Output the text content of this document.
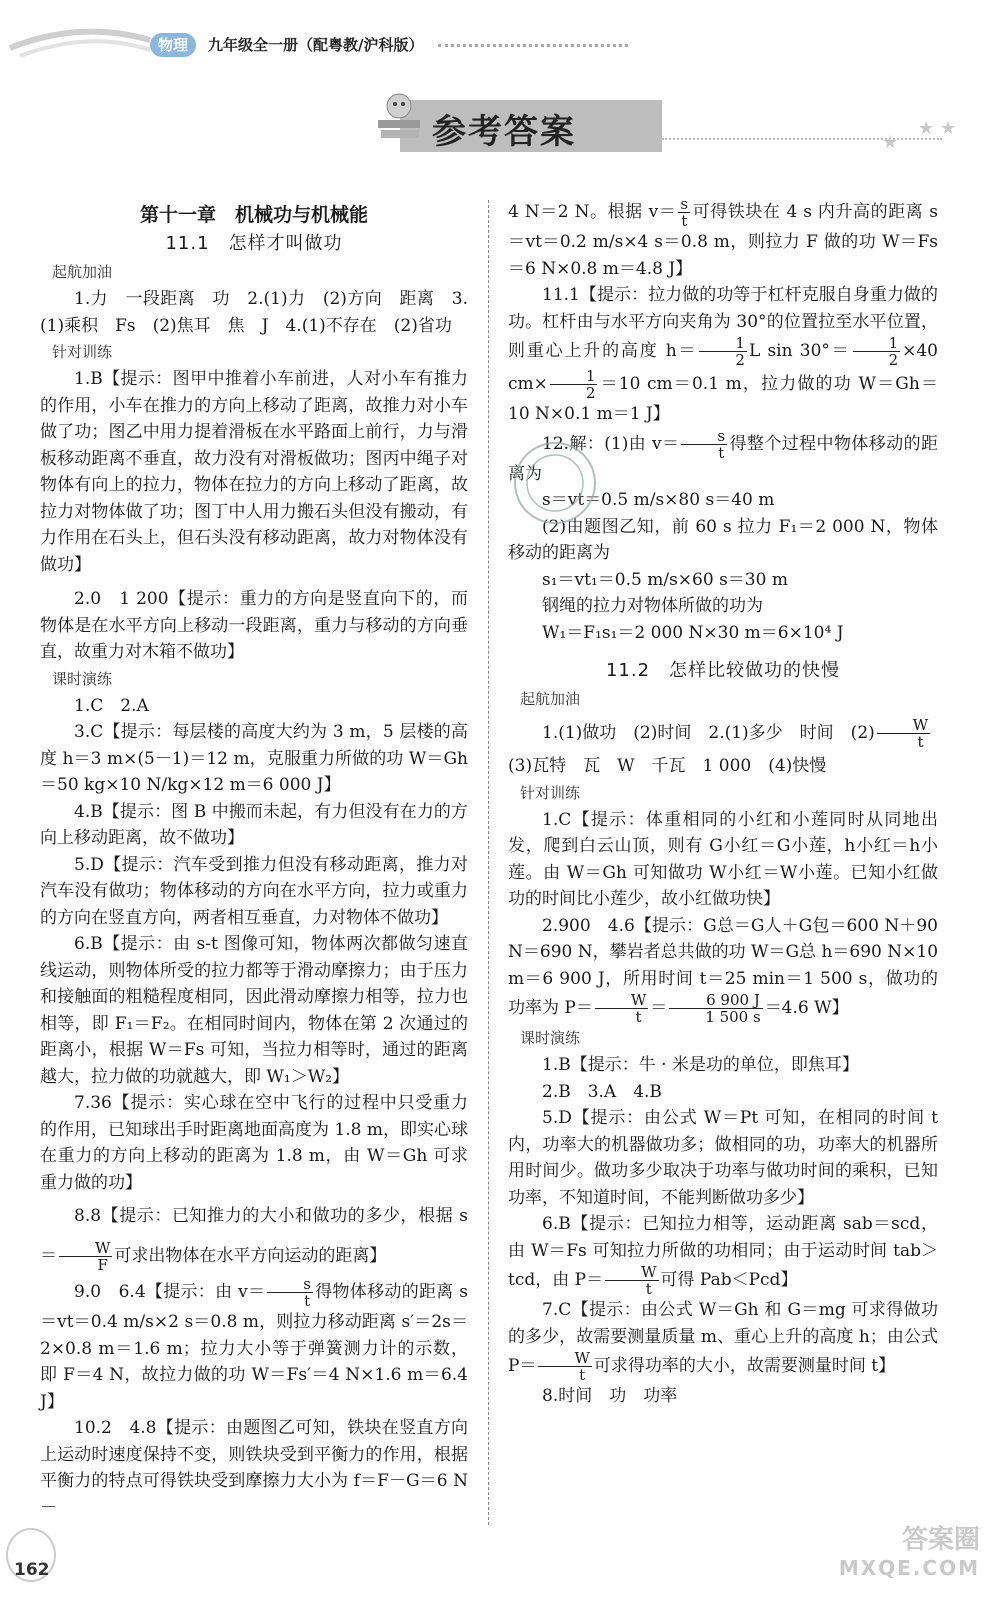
物理	九年级全一册（配粤教/沪科版）
参考答案	★ ★
★

第十一章　机械功与机械能

11.1　怎样才叫做功

起航加油

1.力　一段距离　功　2.(1)力　(2)方向　距离　3.(1)乘积　Fs　(2)焦耳　焦　J　4.(1)不存在　(2)省功

针对训练

1.B【提示：图甲中推着小车前进，人对小车有推力的作用，小车在推力的方向上移动了距离，故推力对小车做了功；图乙中用力提着滑板在水平路面上前行，力与滑板移动距离不垂直，故力没有对滑板做功；图丙中绳子对物体有向上的拉力，物体在拉力的方向上移动了距离，故拉力对物体做了功；图丁中人用力搬石头但没有搬动，有力作用在石头上，但石头没有移动距离，故力对物体没有做功】

2.0　1 200【提示：重力的方向是竖直向下的，而物体是在水平方向上移动一段距离，重力与移动的方向垂直，故重力对木箱不做功】

课时演练

1.C　2.A

3.C【提示：每层楼的高度大约为 3 m，5 层楼的高度 h＝3 m×(5－1)＝12 m，克服重力所做的功 W＝Gh＝50 kg×10 N/kg×12 m＝6 000 J】

4.B【提示：图 B 中搬而未起，有力但没有在力的方向上移动距离，故不做功】

5.D【提示：汽车受到推力但没有移动距离，推力对汽车没有做功；物体移动的方向在水平方向，拉力或重力的方向在竖直方向，两者相互垂直，力对物体不做功】

6.B【提示：由 s-t 图像可知，物体两次都做匀速直线运动，则物体所受的拉力都等于滑动摩擦力；由于压力和接触面的粗糙程度相同，因此滑动摩擦力相等，拉力也相等，即 F₁＝F₂。在相同时间内，物体在第 2 次通过的距离小，根据 W＝Fs 可知，当拉力相等时，通过的距离越大，拉力做的功就越大，即 W₁＞W₂】

7.36【提示：实心球在空中飞行的过程中只受重力的作用，已知球出手时距离地面高度为 1.8 m，即实心球在重力的方向上移动的距离为 1.8 m，由 W＝Gh 可求重力做的功】

8.8【提示：已知推力的大小和做功的多少，根据 $s= \frac{W}{F}$ 可求出物体在水平方向运动的距离】

9.0　6.4【提示：由 $v= \frac{s}{t}$ 得物体移动的距离 s＝vt＝0.4 m/s×2 s＝0.8 m，则拉力移动距离 s′＝2s＝2×0.8 m＝1.6 m；拉力大小等于弹簧测力计的示数，即 F＝4 N，故拉力做的功 W＝Fs′＝4 N×1.6 m＝6.4 J】

10.2　4.8【提示：由题图乙可知，铁块在竖直方向上运动时速度保持不变，则铁块受到平衡力的作用，根据平衡力的特点可得铁块受到摩擦力大小为 f＝F－G＝6 N－

4 N＝2 N。根据 $v= \frac{s}{t}$ 可得铁块在 4 s 内升高的距离 s＝vt＝0.2 m/s×4 s＝0.8 m，则拉力 F 做的功 W＝Fs＝6 N×0.8 m＝4.8 J】

11.1【提示：拉力做的功等于杠杆克服自身重力做的功。杠杆由与水平方向夹角为 30°的位置拉至水平位置，则重心上升的高度 $h= \frac{1}{2}$ L $\sin 30^\circ= \frac{1}{2} \times 40$ $cm\times \frac{1}{2} =10$ cm＝0.1 m，拉力做的功 W＝Gh＝10 N×0.1 m＝1 J】

12.解：(1)由 $v= \frac{s}{t}$ 得整个过程中物体移动的距离为

s＝vt＝0.5 m/s×80 s＝40 m

(2)由题图乙知，前 60 s 拉力 F₁＝2 000 N，物体移动的距离为

s₁＝vt₁＝0.5 m/s×60 s＝30 m

钢绳的拉力对物体所做的功为

W₁＝F₁s₁＝2 000 N×30 m＝6×10⁴ J

11.2　怎样比较做功的快慢

起航加油

1.(1)做功　(2)时间　2.(1)多少　时间　$(2) \frac{W}{t}$

(3)瓦特　瓦　W　千瓦　1 000　(4)快慢

针对训练

1.C【提示：体重相同的小红和小莲同时从同地出发，爬到白云山顶，则有 G小红＝G小莲，h小红＝h小莲。由 W＝Gh 可知做功 W小红＝W小莲。已知小红做功的时间比小莲少，故小红做功快】

2.900　4.6【提示：G总＝G人＋G包＝600 N＋90 N＝690 N，攀岩者总共做的功 W＝G总 h＝690 N×10 m＝6 900 J，所用时间 t＝25 min＝1 500 s，做功的功率为 $P= \frac{W}{t} = \frac{6 900 J}{1 500 s} =4.6$ W】

课时演练

1.B【提示：牛 · 米是功的单位，即焦耳】

2.B　3.A　4.B

5.D【提示：由公式 W＝Pt 可知，在相同的时间 t 内，功率大的机器做功多；做相同的功，功率大的机器所用时间少。做功多少取决于功率与做功时间的乘积，已知功率，不知道时间，不能判断做功多少】

6.B【提示：已知拉力相等，运动距离 sab＝scd，由 W＝Fs 可知拉力所做的功相同；由于运动时间 tab＞tcd，由 $P= \frac{W}{t}$ 可得 Pab＜Pcd】

7.C【提示：由公式 W＝Gh 和 G＝mg 可求得做功的多少，故需要测量质量 m、重心上升的高度 h；由公式 $P= \frac{W}{t}$ 可求得功率的大小，故需要测量时间 t】

8.时间　功　功率

162
答案圈
MXQE.COM
